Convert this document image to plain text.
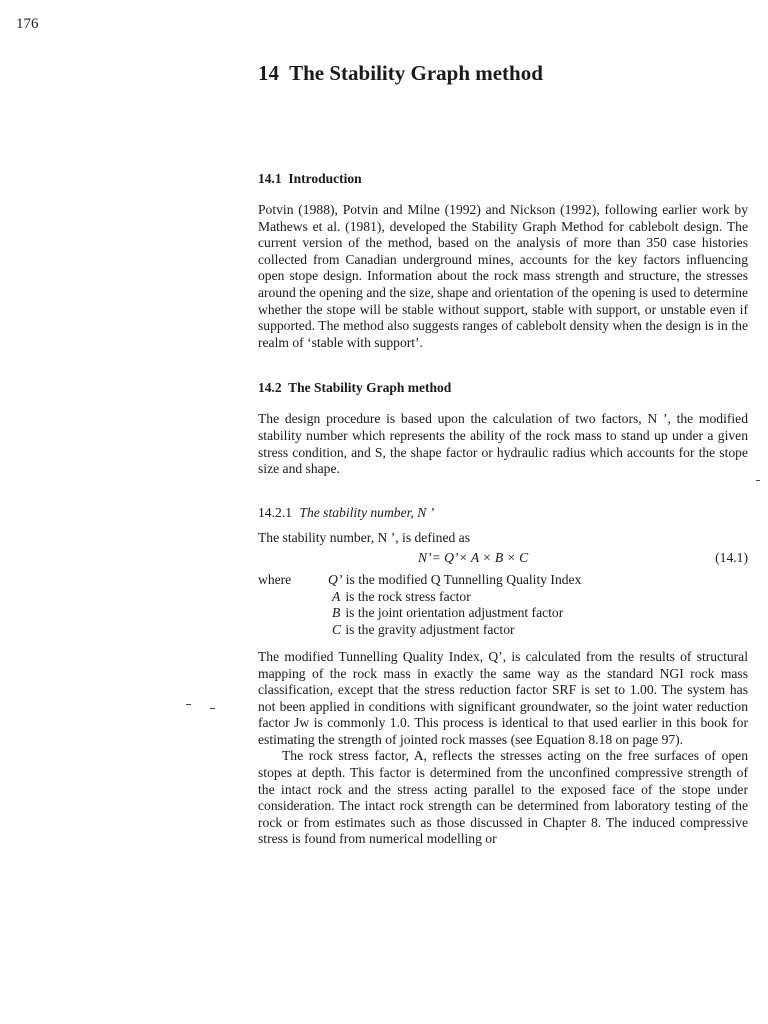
176
14 The Stability Graph method
14.1 Introduction

Potvin (1988), Potvin and Milne (1992) and Nickson (1992), following earlier work by Mathews et al. (1981), developed the Stability Graph Method for cablebolt design. The current version of the method, based on the analysis of more than 350 case histories collected from Canadian underground mines, accounts for the key factors influencing open stope design. Information about the rock mass strength and structure, the stresses around the opening and the size, shape and orientation of the opening is used to determine whether the stope will be stable without support, stable with support, or unstable even if supported. The method also suggests ranges of cablebolt density when the design is in the realm of ‘stable with support’.

14.2 The Stability Graph method

The design procedure is based upon the calculation of two factors, N ’, the modified stability number which represents the ability of the rock mass to stand up under a given stress condition, and S, the shape factor or hydraulic radius which accounts for the stope size and shape.

14.2.1 The stability number, N ’
The stability number, N ’, is defined as
N’= Q’× A × B × C	(14.1)
where	Q’ is the modified Q Tunnelling Quality Index
A is the rock stress factor
B is the joint orientation adjustment factor
C is the gravity adjustment factor

The modified Tunnelling Quality Index, Q’, is calculated from the results of structural mapping of the rock mass in exactly the same way as the standard NGI rock mass classification, except that the stress reduction factor SRF is set to 1.00. The system has not been applied in conditions with significant groundwater, so the joint water reduction factor Jw is commonly 1.0. This process is identical to that used earlier in this book for estimating the strength of jointed rock masses (see Equation 8.18 on page 97).

The rock stress factor, A, reflects the stresses acting on the free surfaces of open stopes at depth. This factor is determined from the unconfined compressive strength of the intact rock and the stress acting parallel to the exposed face of the stope under consideration. The intact rock strength can be determined from laboratory testing of the rock or from estimates such as those discussed in Chapter 8. The induced compressive stress is found from numerical modelling or
